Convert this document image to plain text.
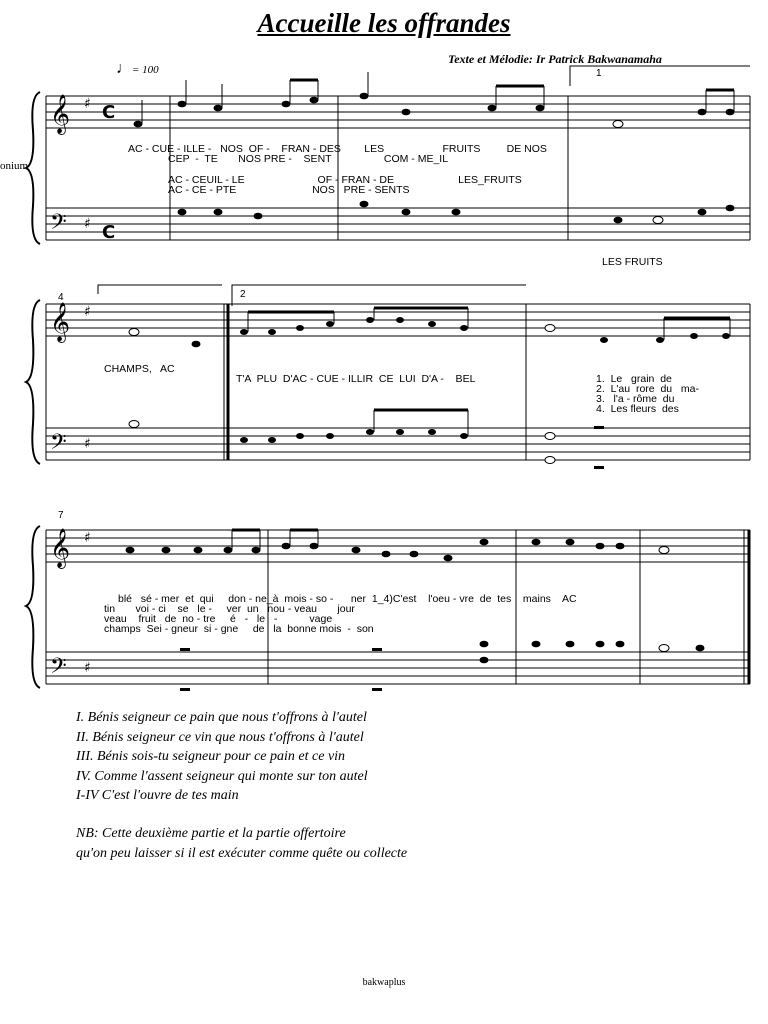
Accueille les offrandes
Texte et Mélodie: Ir Patrick Bakwanamaha
♩= 100
onium
𝄞
𝄢
♯
♯
C
C
𝄞
𝄢
♯
♯
𝄞
𝄢
♯
♯
1
4	2
7
AC - CUE - ILLE -   NOS  OF -    FRAN - DES        LES                    FRUITS         DE NOS
CEP  -  TE       NOS PRE -    SENT                  COM - ME_IL
AC - CEUIL - LE                         OF - FRAN - DE                      LES_FRUITS
AC - CE - PTE                          NOS   PRE - SENTS
LES FRUITS
CHAMPS,   AC
T'A  PLU  D'AC - CUE - ILLIR  CE  LUI  D'A -    BEL	1.  Le   grain  de
2.  L'au  rore  du   ma-
3.   l'a - rôme  du
4.  Les fleurs  des
blé   sé - mer  et  qui     don - ne_à  mois - so -      ner  1_4)C'est    l'oeu - vre  de  tes    mains    AC
tin       voi - ci    se   le -     ver  un   nou - veau       jour
veau    fruit   de  no - tre     é   -   le   -           vage
champs  Sei - gneur  si - gne     de   la  bonne mois  -  son
I. Bénis seigneur ce pain que nous t'offrons à l'autel
II. Bénis seigneur ce vin que nous t'offrons à l'autel
III. Bénis sois-tu seigneur pour ce pain et ce vin
IV. Comme l'assent seigneur qui monte sur ton autel
I-IV C'est l'ouvre de tes main
NB: Cette deuxième partie et la partie offertoire
qu'on peu laisser si il est exécuter comme quête ou collecte
bakwaplus
